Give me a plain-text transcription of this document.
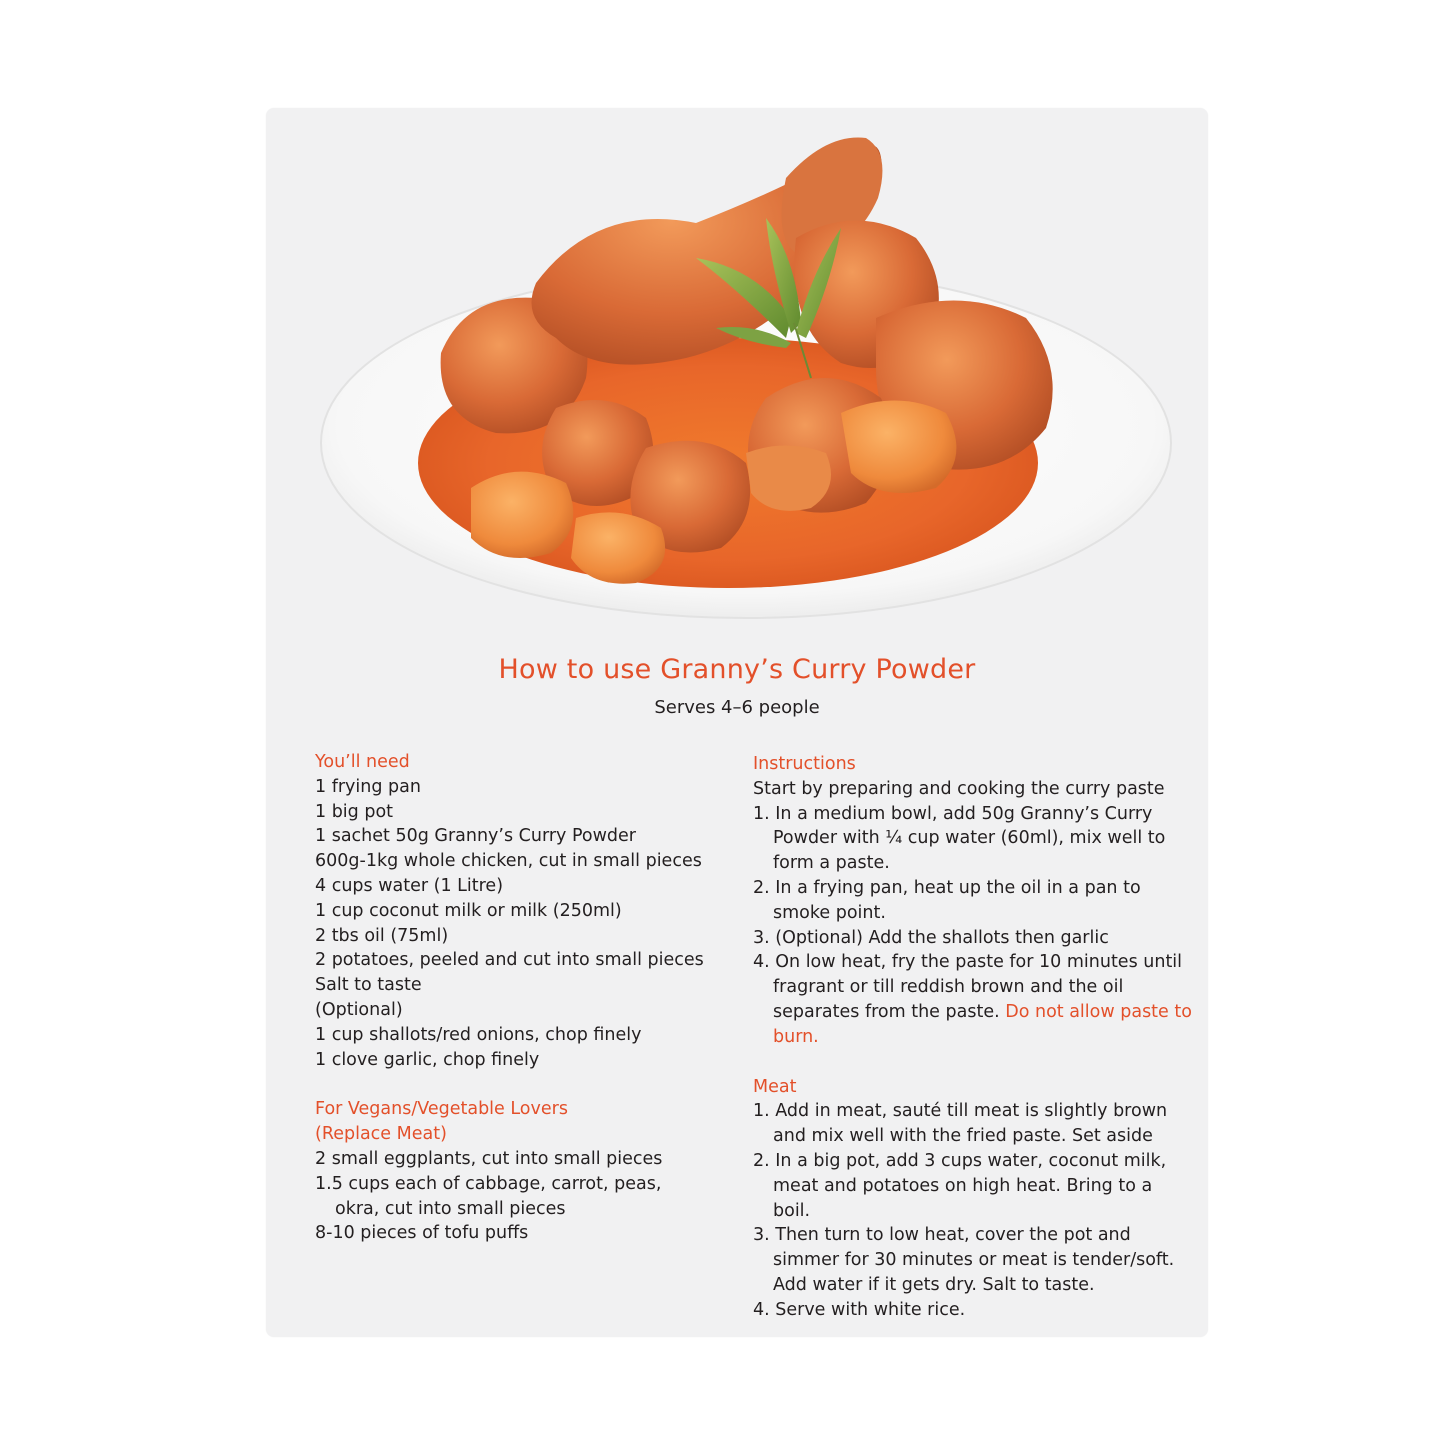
How to use Granny’s Curry Powder
Serves 4–6 people
You’ll need
1 frying pan
1 big pot
1 sachet 50g Granny’s Curry Powder
600g-1kg whole chicken, cut in small pieces
4 cups water (1 Litre)
1 cup coconut milk or milk (250ml)
2 tbs oil (75ml)
2 potatoes, peeled and cut into small pieces
Salt to taste
(Optional)
1 cup shallots/red onions, chop finely
1 clove garlic, chop finely
For Vegans/Vegetable Lovers
(Replace Meat)
2 small eggplants, cut into small pieces
1.5 cups each of cabbage, carrot, peas, okra, cut into small pieces
8-10 pieces of tofu puffs
Instructions
Start by preparing and cooking the curry paste
1. In a medium bowl, add 50g Granny’s Curry Powder with ¼ cup water (60ml), mix well to form a paste.
2. In a frying pan, heat up the oil in a pan to smoke point.
3. (Optional) Add the shallots then garlic
4. On low heat, fry the paste for 10 minutes until fragrant or till reddish brown and the oil separates from the paste. Do not allow paste to burn.
Meat
1. Add in meat, sauté till meat is slightly brown and mix well with the fried paste. Set aside
2. In a big pot, add 3 cups water, coconut milk, meat and potatoes on high heat. Bring to a boil.
3. Then turn to low heat, cover the pot and simmer for 30 minutes or meat is tender/soft. Add water if it gets dry. Salt to taste.
4. Serve with white rice.
